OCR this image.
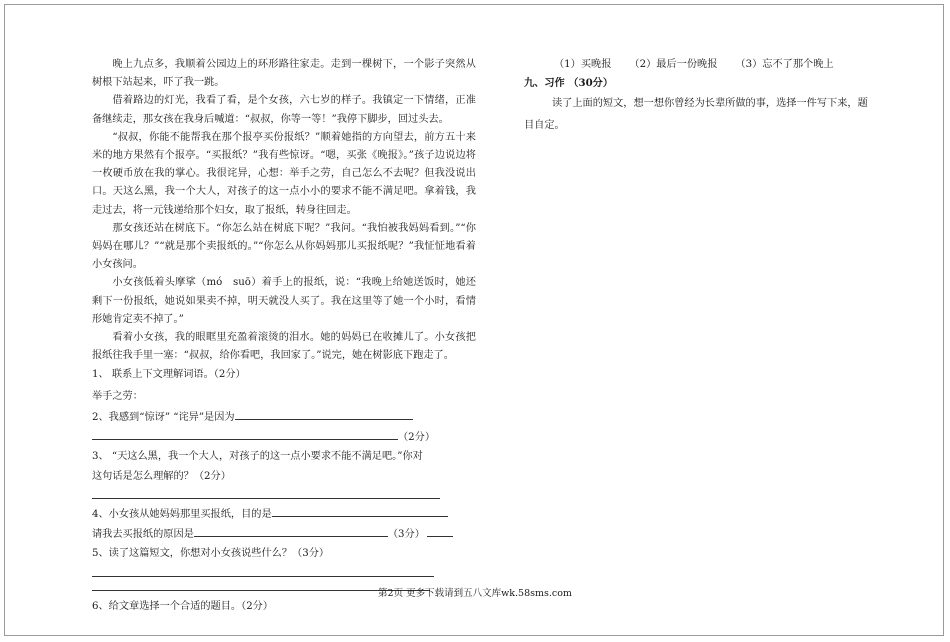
晚上九点多，我顺着公园边上的环形路往家走。走到一棵树下，一个影子突然从树根下站起来，吓了我一跳。

借着路边的灯光，我看了看，是个女孩，六七岁的样子。我镇定一下情绪，正准备继续走，那女孩在我身后喊道：“叔叔，你等一等！”我停下脚步，回过头去。

“叔叔，你能不能帮我在那个报亭买份报纸？”顺着她指的方向望去，前方五十来米的地方果然有个报亭。“买报纸？”我有些惊讶。“嗯，买张《晚报》。”孩子边说边将一枚硬币放在我的掌心。我很诧异，心想：举手之劳，自己怎么不去呢？但我没说出口。天这么黑，我一个大人，对孩子的这一点小小的要求不能不满足吧。拿着钱，我走过去，将一元钱递给那个妇女，取了报纸，转身往回走。

那女孩还站在树底下。“你怎么站在树底下呢？”我问。“我怕被我妈妈看到。”“你妈妈在哪儿？”“就是那个卖报纸的。”“你怎么从你妈妈那儿买报纸呢？”我怔怔地看着小女孩问。

小女孩低着头摩挲（mó　suō）着手上的报纸，说：“我晚上给她送饭时，她还剩下一份报纸，她说如果卖不掉，明天就没人买了。我在这里等了她一个小时，看情形她肯定卖不掉了。”

看着小女孩，我的眼眶里充盈着滚烫的泪水。她的妈妈已在收摊儿了。小女孩把报纸往我手里一塞：“叔叔，给你看吧，我回家了。”说完，她在树影底下跑走了。

1、 联系上下文理解词语。（2分）

举手之劳：

2、我感到“惊讶” “诧异”是因为

（2分）

3、 “天这么黑，我一个大人，对孩子的这一点小要求不能不满足吧。”你对

这句话是怎么理解的？（2分）

4、小女孩从她妈妈那里买报纸，目的是

请我去买报纸的原因是	（3分）

5、读了这篇短文，你想对小女孩说些什么？（3分）

6、给文章选择一个合适的题目。（2分）

（1）买晚报 （2）最后一份晚报 （3）忘不了那个晚上

九、习作 （30分）

读了上面的短文，想一想你曾经为长辈所做的事，选择一件写下来，题

目自定。

第2页 更多下载请到五八文库wk.58sms.com
